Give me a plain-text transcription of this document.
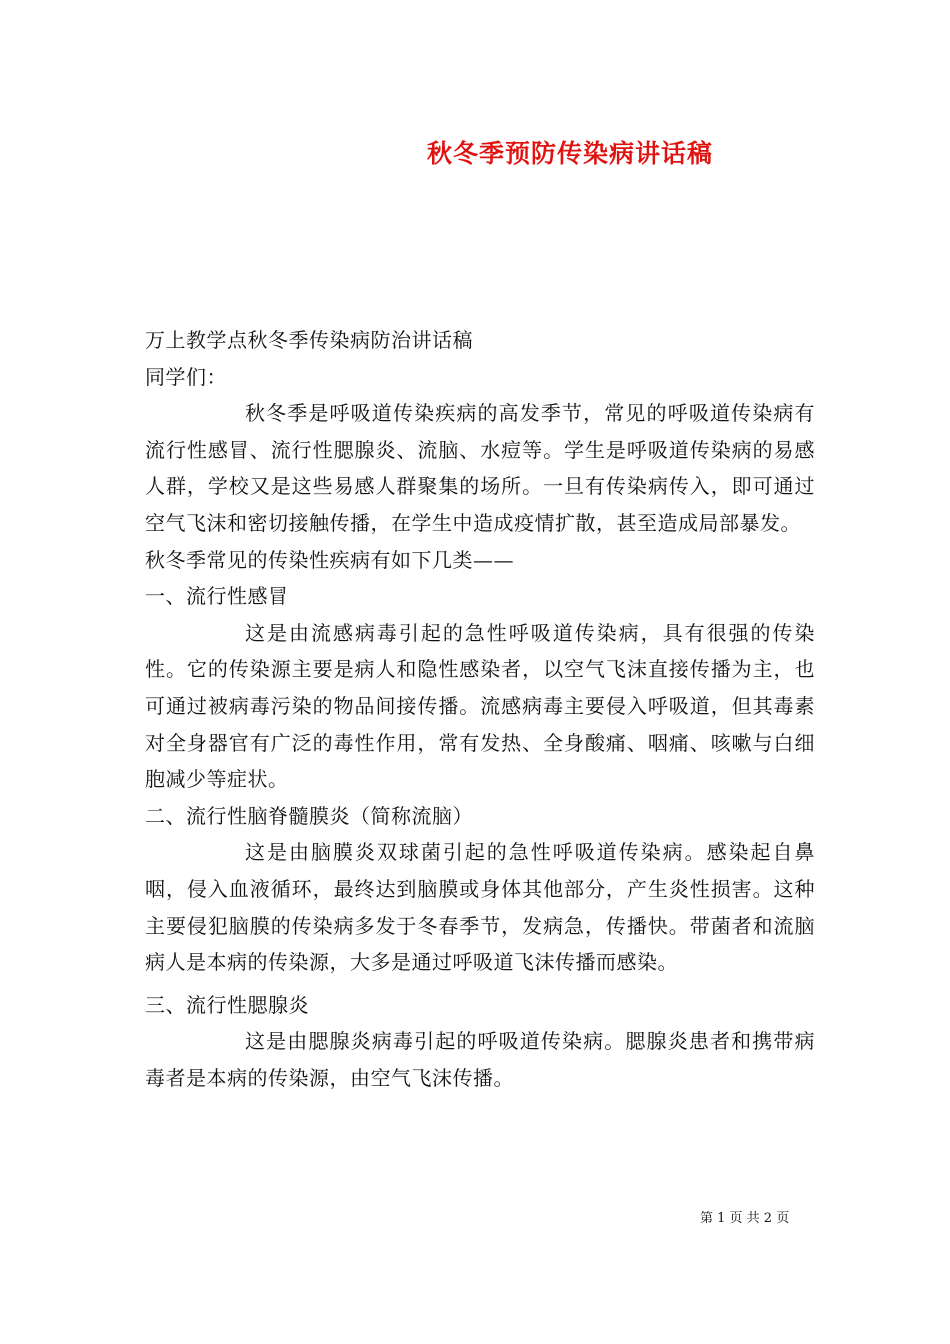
秋冬季预防传染病讲话稿

万上教学点秋冬季传染病防治讲话稿

同学们：

秋冬季是呼吸道传染疾病的高发季节，常见的呼吸道传染病有流行性感冒、流行性腮腺炎、流脑、水痘等。学生是呼吸道传染病的易感人群，学校又是这些易感人群聚集的场所。一旦有传染病传入，即可通过空气飞沫和密切接触传播，在学生中造成疫情扩散，甚至造成局部暴发。

秋冬季常见的传染性疾病有如下几类——

一、流行性感冒

这是由流感病毒引起的急性呼吸道传染病，具有很强的传染性。它的传染源主要是病人和隐性感染者，以空气飞沫直接传播为主，也可通过被病毒污染的物品间接传播。流感病毒主要侵入呼吸道，但其毒素对全身器官有广泛的毒性作用，常有发热、全身酸痛、咽痛、咳嗽与白细胞减少等症状。

二、流行性脑脊髓膜炎（简称流脑）

这是由脑膜炎双球菌引起的急性呼吸道传染病。感染起自鼻咽，侵入血液循环，最终达到脑膜或身体其他部分，产生炎性损害。这种主要侵犯脑膜的传染病多发于冬春季节，发病急，传播快。带菌者和流脑病人是本病的传染源，大多是通过呼吸道飞沫传播而感染。

三、流行性腮腺炎

这是由腮腺炎病毒引起的呼吸道传染病。腮腺炎患者和携带病毒者是本病的传染源，由空气飞沫传播。

第 1 页 共 2 页
